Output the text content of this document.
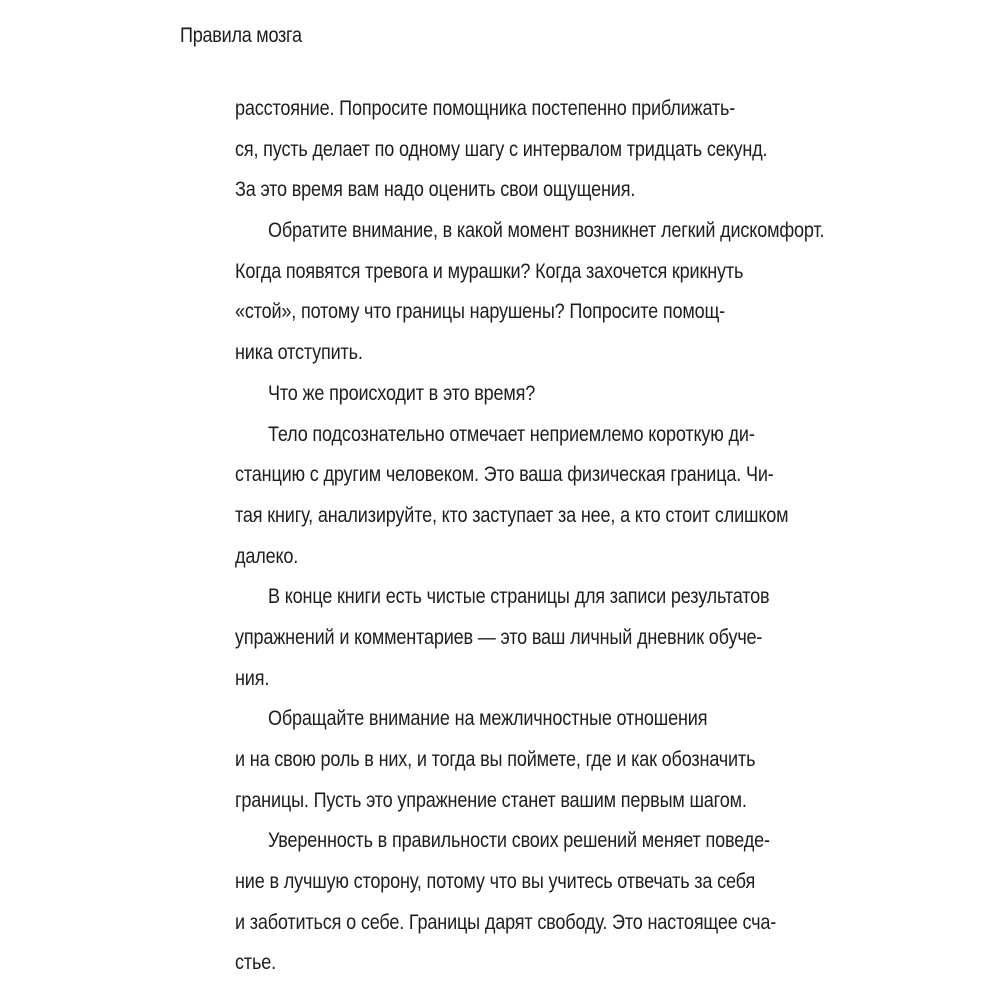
Правила мозга
расстояние. Попросите помощника постепенно приближать-
ся, пусть делает по одному шагу с интервалом тридцать секунд.
За это время вам надо оценить свои ощущения.
Обратите внимание, в какой момент возникнет легкий дискомфорт.
Когда появятся тревога и мурашки? Когда захочется крикнуть
«стой», потому что границы нарушены? Попросите помощ-
ника отступить.
Что же происходит в это время?
Тело подсознательно отмечает неприемлемо короткую ди-
станцию с другим человеком. Это ваша физическая граница. Чи-
тая книгу, анализируйте, кто заступает за нее, а кто стоит слишком
далеко.
В конце книги есть чистые страницы для записи результатов
упражнений и комментариев — это ваш личный дневник обуче-
ния.
Обращайте внимание на межличностные отношения
и на свою роль в них, и тогда вы поймете, где и как обозначить
границы. Пусть это упражнение станет вашим первым шагом.
Уверенность в правильности своих решений меняет поведе-
ние в лучшую сторону, потому что вы учитесь отвечать за себя
и заботиться о себе. Границы дарят свободу. Это настоящее сча-
стье.
